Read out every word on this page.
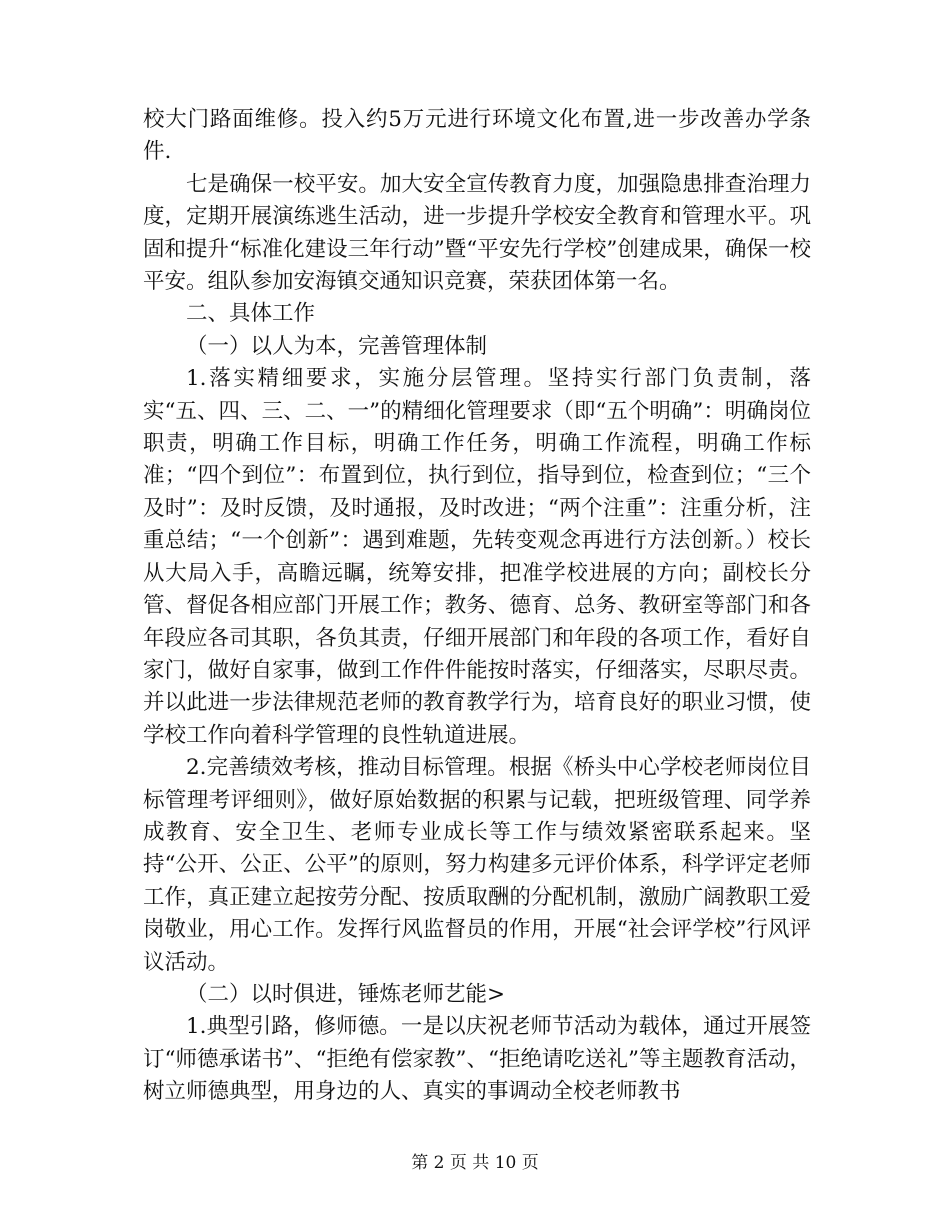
校大门路面维修。投入约5万元进行环境文化布置,进一步改善办学条件.

七是确保一校平安。加大安全宣传教育力度，加强隐患排查治理力度，定期开展演练逃生活动，进一步提升学校安全教育和管理水平。巩固和提升“标准化建设三年行动”暨“平安先行学校”创建成果，确保一校平安。组队参加安海镇交通知识竞赛，荣获团体第一名。

二、具体工作

（一）以人为本，完善管理体制

1.落实精细要求，实施分层管理。坚持实行部门负责制，落实“五、四、三、二、一”的精细化管理要求（即“五个明确”：明确岗位职责，明确工作目标，明确工作任务，明确工作流程，明确工作标准；“四个到位”：布置到位，执行到位，指导到位，检查到位；“三个及时”：及时反馈，及时通报，及时改进；“两个注重”：注重分析，注重总结；“一个创新”：遇到难题，先转变观念再进行方法创新。）校长从大局入手，高瞻远瞩，统筹安排，把准学校进展的方向；副校长分管、督促各相应部门开展工作；教务、德育、总务、教研室等部门和各年段应各司其职，各负其责，仔细开展部门和年段的各项工作，看好自家门，做好自家事，做到工作件件能按时落实，仔细落实，尽职尽责。并以此进一步法律规范老师的教育教学行为，培育良好的职业习惯，使学校工作向着科学管理的良性轨道进展。

2.完善绩效考核，推动目标管理。根据《桥头中心学校老师岗位目标管理考评细则》，做好原始数据的积累与记载，把班级管理、同学养成教育、安全卫生、老师专业成长等工作与绩效紧密联系起来。坚持“公开、公正、公平”的原则，努力构建多元评价体系，科学评定老师工作，真正建立起按劳分配、按质取酬的分配机制，激励广阔教职工爱岗敬业，用心工作。发挥行风监督员的作用，开展“社会评学校”行风评议活动。

（二）以时俱进，锤炼老师艺能>

1.典型引路，修师德。一是以庆祝老师节活动为载体，通过开展签订“师德承诺书”、“拒绝有偿家教”、“拒绝请吃送礼”等主题教育活动，树立师德典型，用身边的人、真实的事调动全校老师教书

第 2 页 共 10 页
